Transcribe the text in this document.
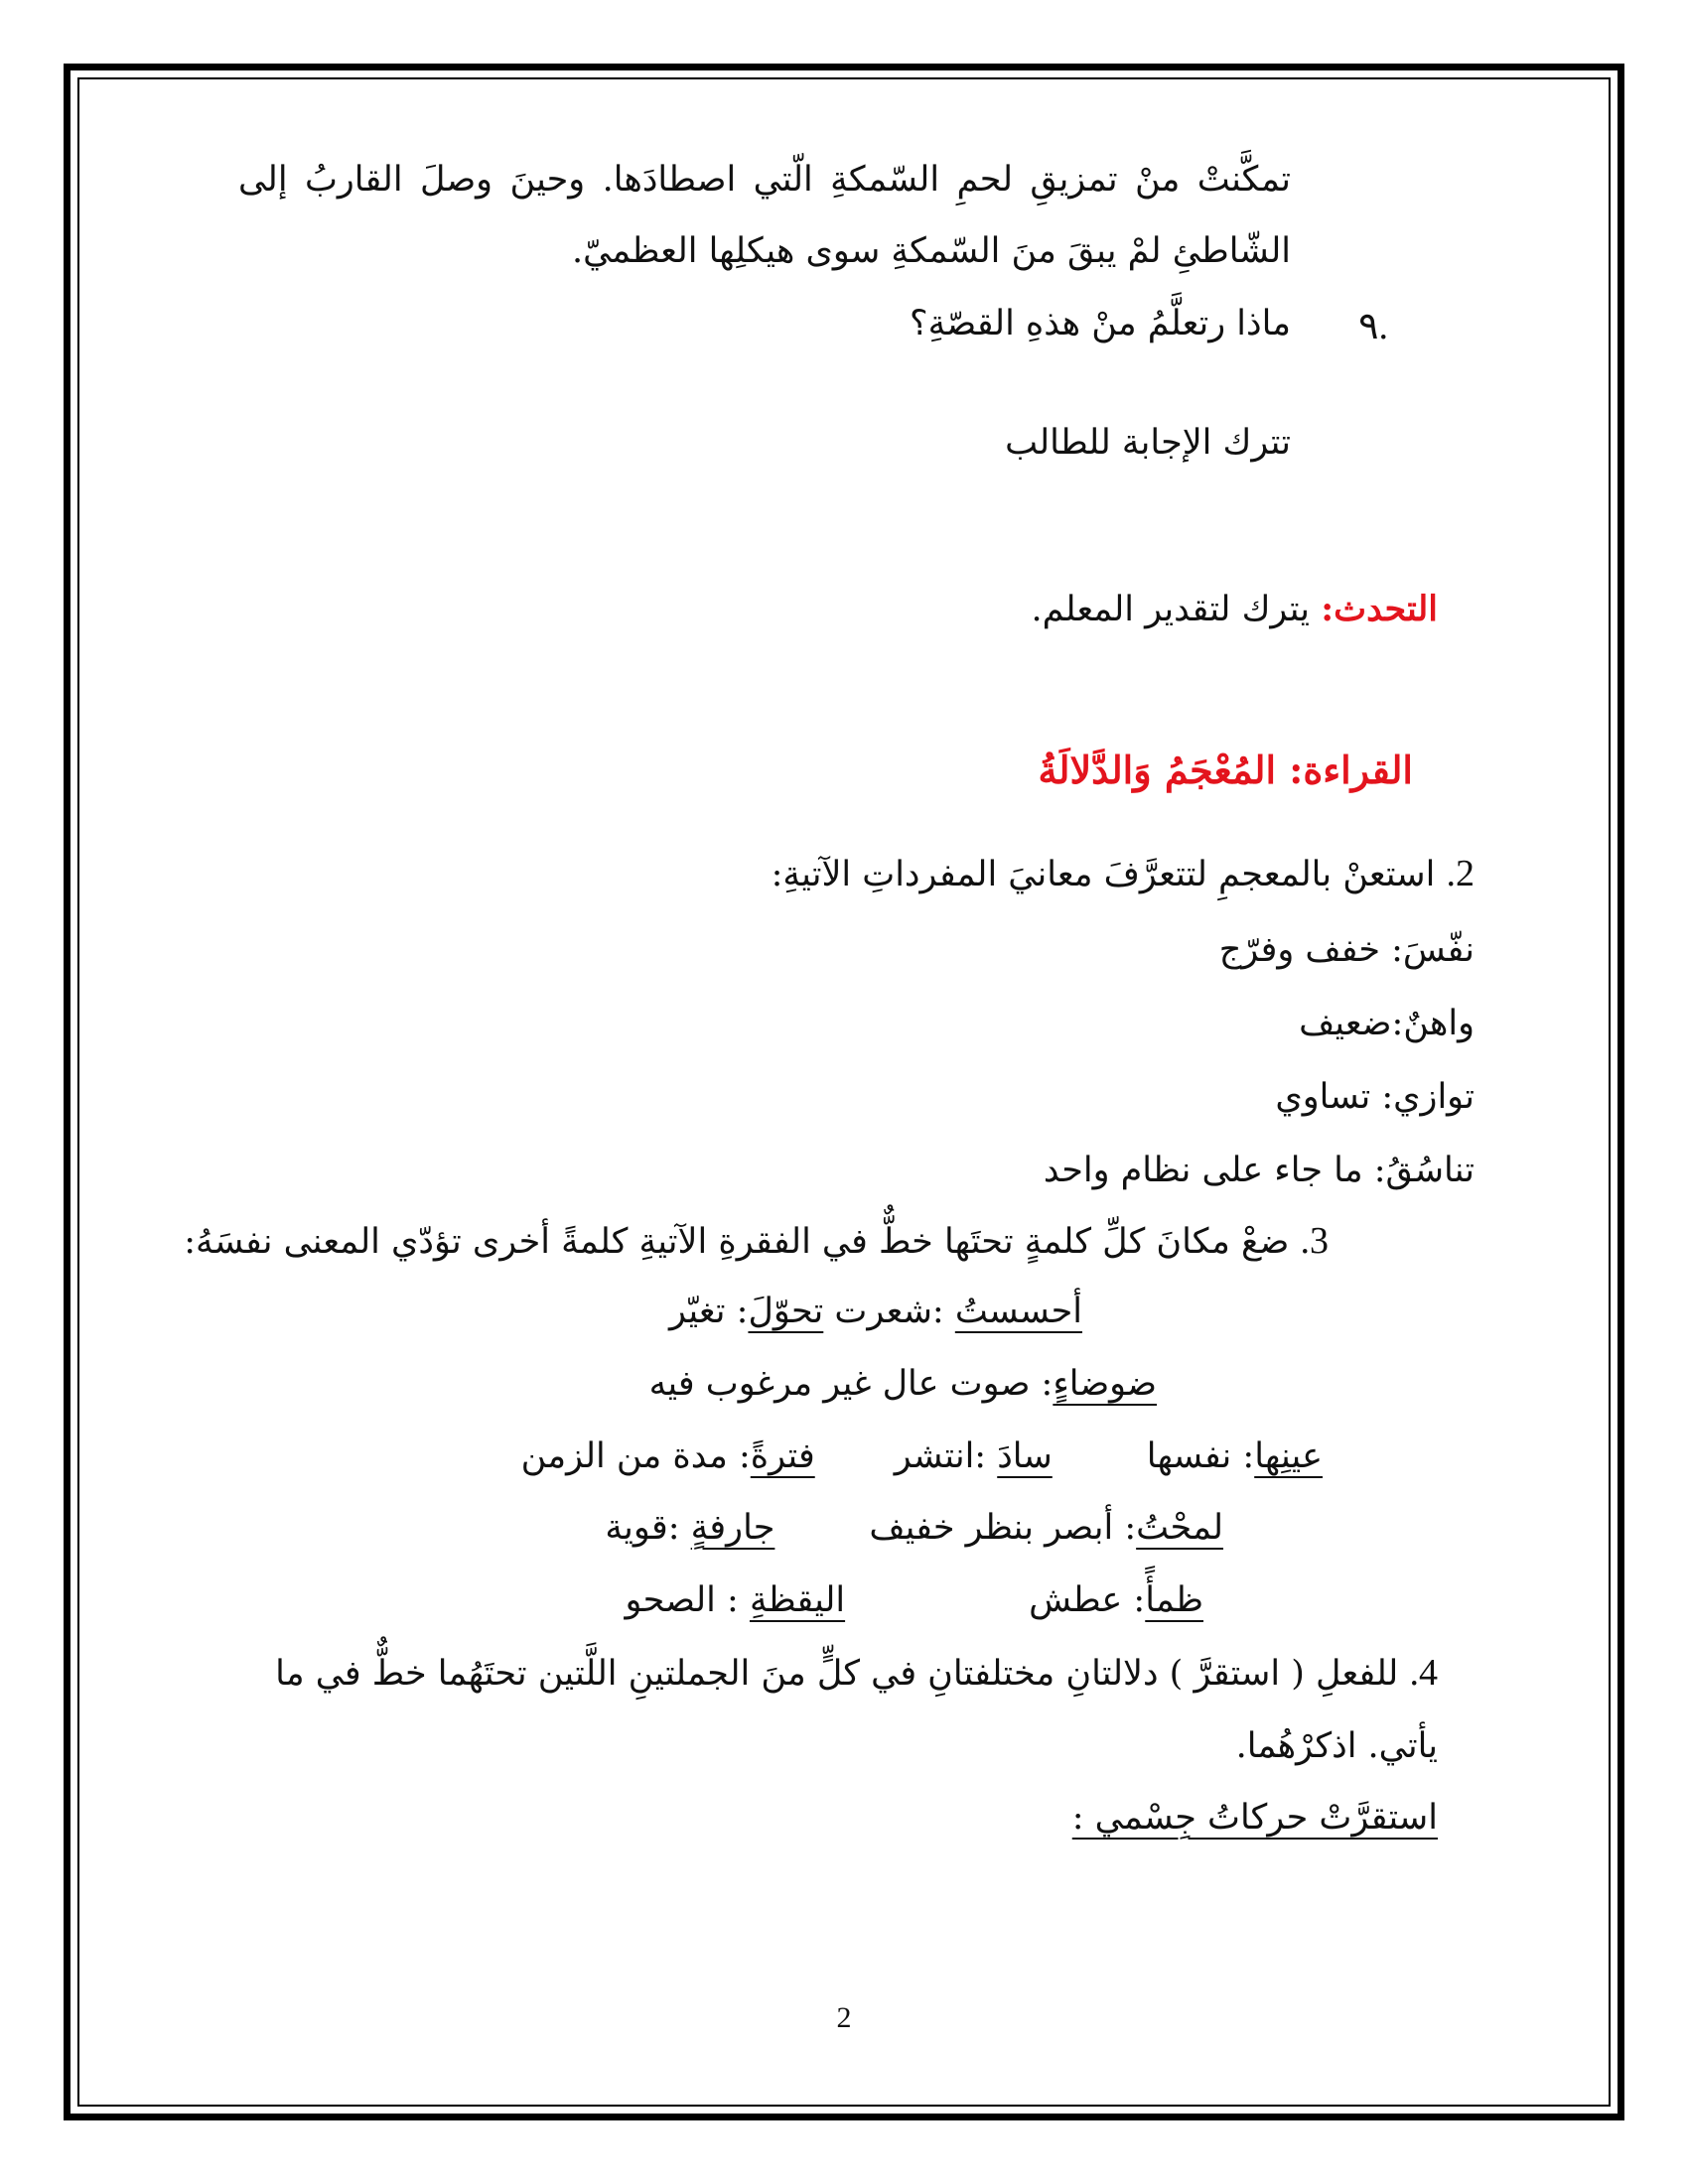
تمكَّنتْ منْ تمزيقِ لحمِ السّمكةِ الّتي اصطادَها. وحينَ وصلَ القاربُ إلى
الشّاطئِ لمْ يبقَ منَ السّمكةِ سوى هيكلِها العظميّ.
.٩
ماذا رتعلَّمُ منْ هذهِ القصّةِ؟
تترك الإجابة للطالب
التحدث: يترك لتقدير المعلم.
القراءة: المُعْجَمُ وَالدَّلالَةُ
2. استعنْ بالمعجمِ لتتعرَّفَ معانيَ المفرداتِ الآتيةِ:
نفّسَ: خفف وفرّج
واهنٌ:ضعيف
توازي: تساوي
تناسُقُ: ما جاء على نظام واحد
3. ضعْ مكانَ كلِّ كلمةٍ تحتَها خطٌّ في الفقرةِ الآتيةِ كلمةً أخرى تؤدّي المعنى نفسَهُ:
أحسستُ :شعرت تحوّلَ: تغيّر
ضوضاءٍ: صوت عال غير مرغوب فيه
عينِها: نفسهاسادَ :انتشرفترةً: مدة من الزمن
لمحْتُ: أبصر بنظر خفيفجارفةٍ :قوية
ظمأً: عطشاليقظةِ : الصحو
4. للفعلِ ( استقرَّ ) دلالتانِ مختلفتانِ في كلٍّ منَ الجملتينِ اللَّتين تحتَهُما خطٌّ في ما
يأتي. اذكرْهُما.
استقرَّتْ حركاتُ جِسْمي :
2
